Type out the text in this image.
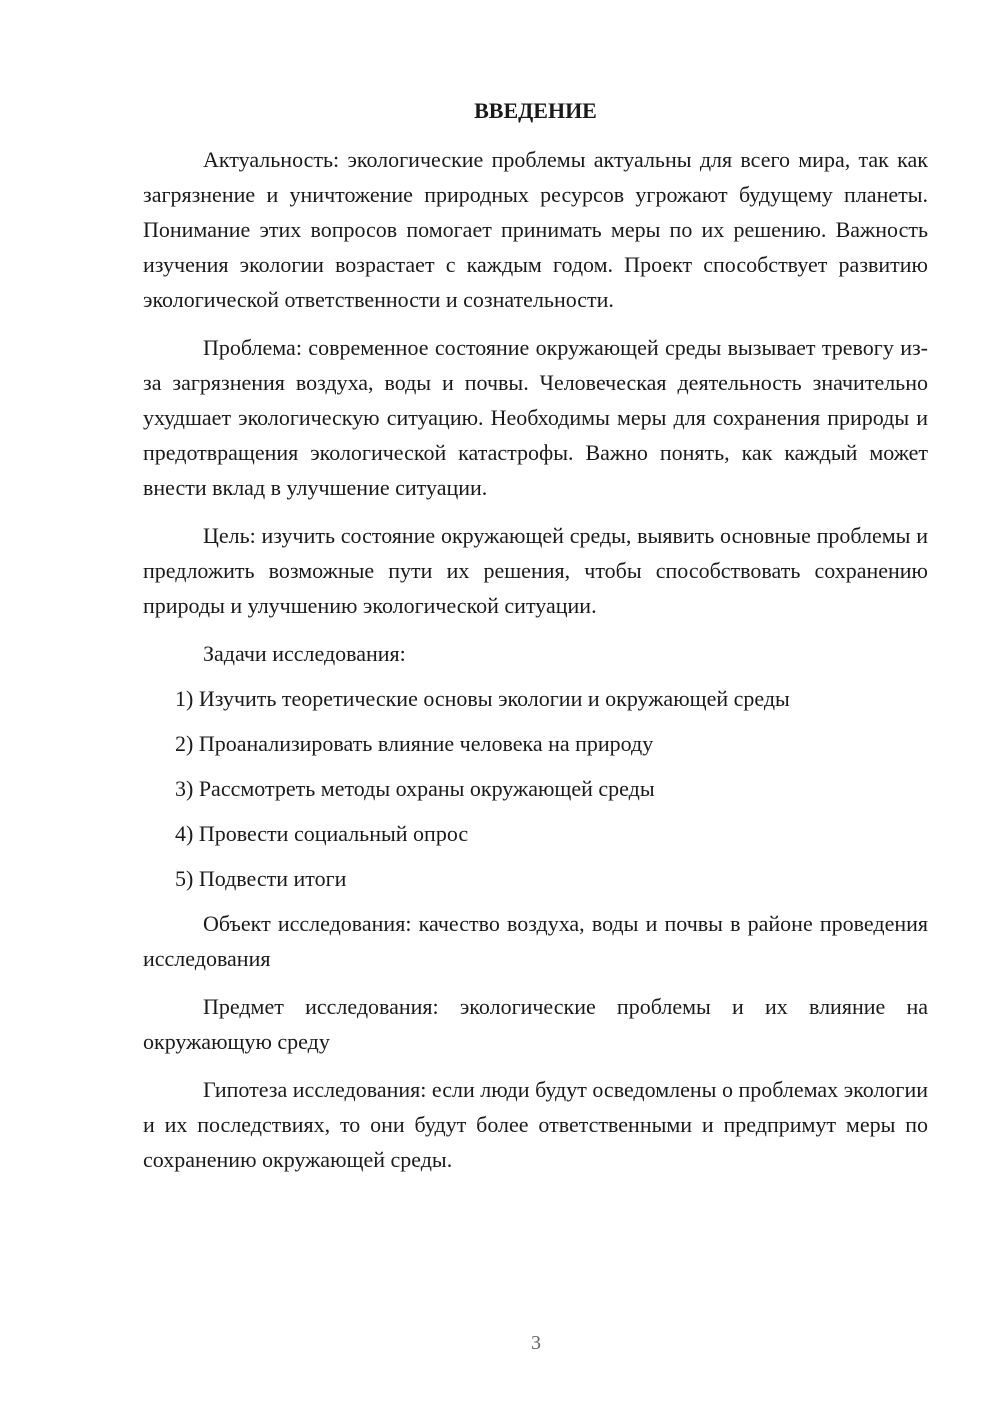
ВВЕДЕНИЕ

Актуальность: экологические проблемы актуальны для всего мира, так как загрязнение и уничтожение природных ресурсов угрожают будущему планеты. Понимание этих вопросов помогает принимать меры по их решению. Важность изучения экологии возрастает с каждым годом. Проект способствует развитию экологической ответственности и сознательности.

Проблема: современное состояние окружающей среды вызывает тревогу из-за загрязнения воздуха, воды и почвы. Человеческая деятельность значительно ухудшает экологическую ситуацию. Необходимы меры для сохранения природы и предотвращения экологической катастрофы. Важно понять, как каждый может внести вклад в улучшение ситуации.

Цель: изучить состояние окружающей среды, выявить основные проблемы и предложить возможные пути их решения, чтобы способствовать сохранению природы и улучшению экологической ситуации.

Задачи исследования:
1) Изучить теоретические основы экологии и окружающей среды
2) Проанализировать влияние человека на природу
3) Рассмотреть методы охраны окружающей среды
4) Провести социальный опрос
5) Подвести итоги

Объект исследования: качество воздуха, воды и почвы в районе проведения исследования

Предмет исследования: экологические проблемы и их влияние на окружающую среду

Гипотеза исследования: если люди будут осведомлены о проблемах экологии и их последствиях, то они будут более ответственными и предпримут меры по сохранению окружающей среды.

3
